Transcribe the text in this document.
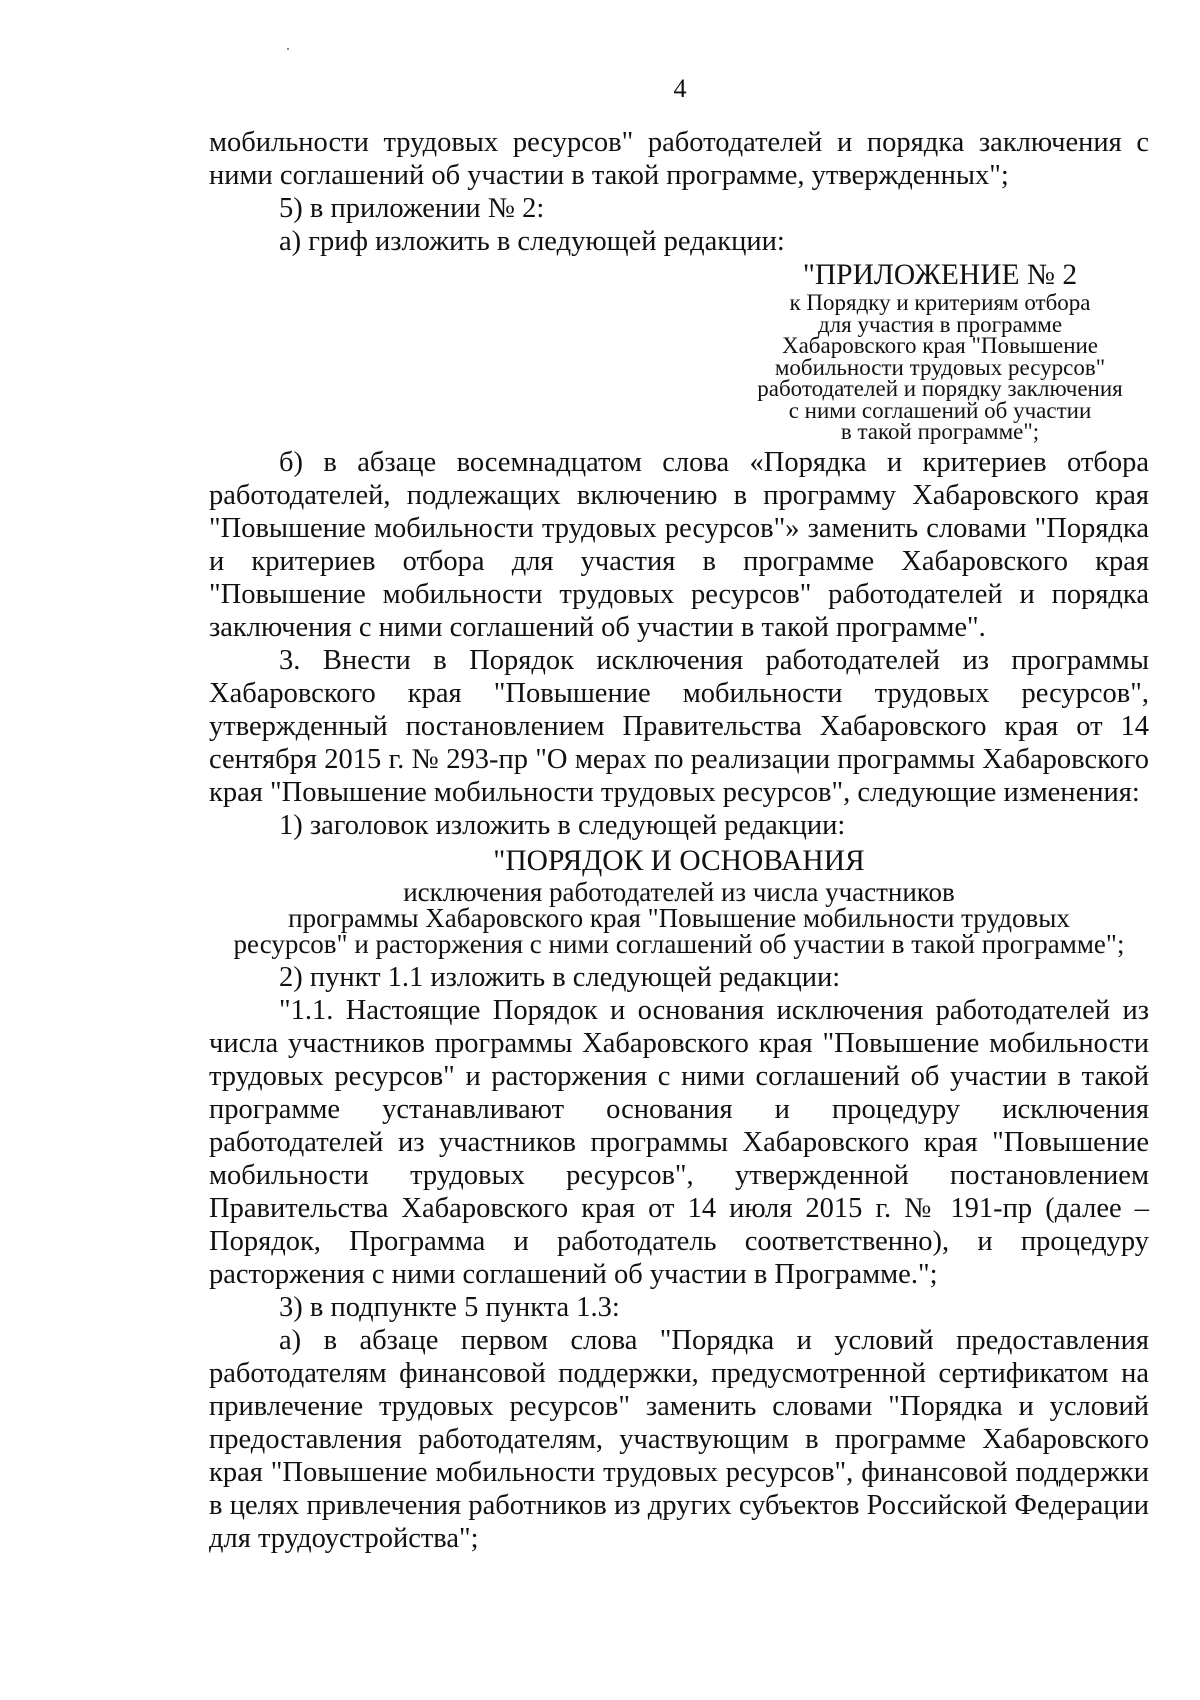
4

мобильности трудовых ресурсов" работодателей и порядка заключения с ними соглашений об участии в такой программе, утвержденных";

5) в приложении № 2:

а) гриф изложить в следующей редакции:

"ПРИЛОЖЕНИЕ № 2
к Порядку и критериям отбора
для участия в программе
Хабаровского края "Повышение
мобильности трудовых ресурсов"
работодателей и порядку заключения
с ними соглашений об участии
в такой программе";

б) в абзаце восемнадцатом слова «Порядка и критериев отбора работодателей, подлежащих включению в программу Хабаровского края "Повышение мобильности трудовых ресурсов"» заменить словами "Порядка и критериев отбора для участия в программе Хабаровского края "Повышение мобильности трудовых ресурсов" работодателей и порядка заключения с ними соглашений об участии в такой программе".

3. Внести в Порядок исключения работодателей из программы Хабаровского края "Повышение мобильности трудовых ресурсов", утвержденный постановлением Правительства Хабаровского края от 14 сентября 2015 г. № 293-пр "О мерах по реализации программы Хабаровского края "Повышение мобильности трудовых ресурсов", следующие изменения:

1) заголовок изложить в следующей редакции:

"ПОРЯДОК И ОСНОВАНИЯ
исключения работодателей из числа участников
программы Хабаровского края "Повышение мобильности трудовых
ресурсов" и расторжения с ними соглашений об участии в такой программе";

2) пункт 1.1 изложить в следующей редакции:

"1.1. Настоящие Порядок и основания исключения работодателей из числа участников программы Хабаровского края "Повышение мобильности трудовых ресурсов" и расторжения с ними соглашений об участии в такой программе устанавливают основания и процедуру исключения работодателей из участников программы Хабаровского края "Повышение мобильности трудовых ресурсов", утвержденной постановлением Правительства Хабаровского края от 14 июля 2015 г. № 191-пр (далее – Порядок, Программа и работодатель соответственно), и процедуру расторжения с ними соглашений об участии в Программе.";

3) в подпункте 5 пункта 1.3:

а) в абзаце первом слова "Порядка и условий предоставления работодателям финансовой поддержки, предусмотренной сертификатом на привлечение трудовых ресурсов" заменить словами "Порядка и условий предоставления работодателям, участвующим в программе Хабаровского края "Повышение мобильности трудовых ресурсов", финансовой поддержки в целях привлечения работников из других субъектов Российской Федерации для трудоустройства";
